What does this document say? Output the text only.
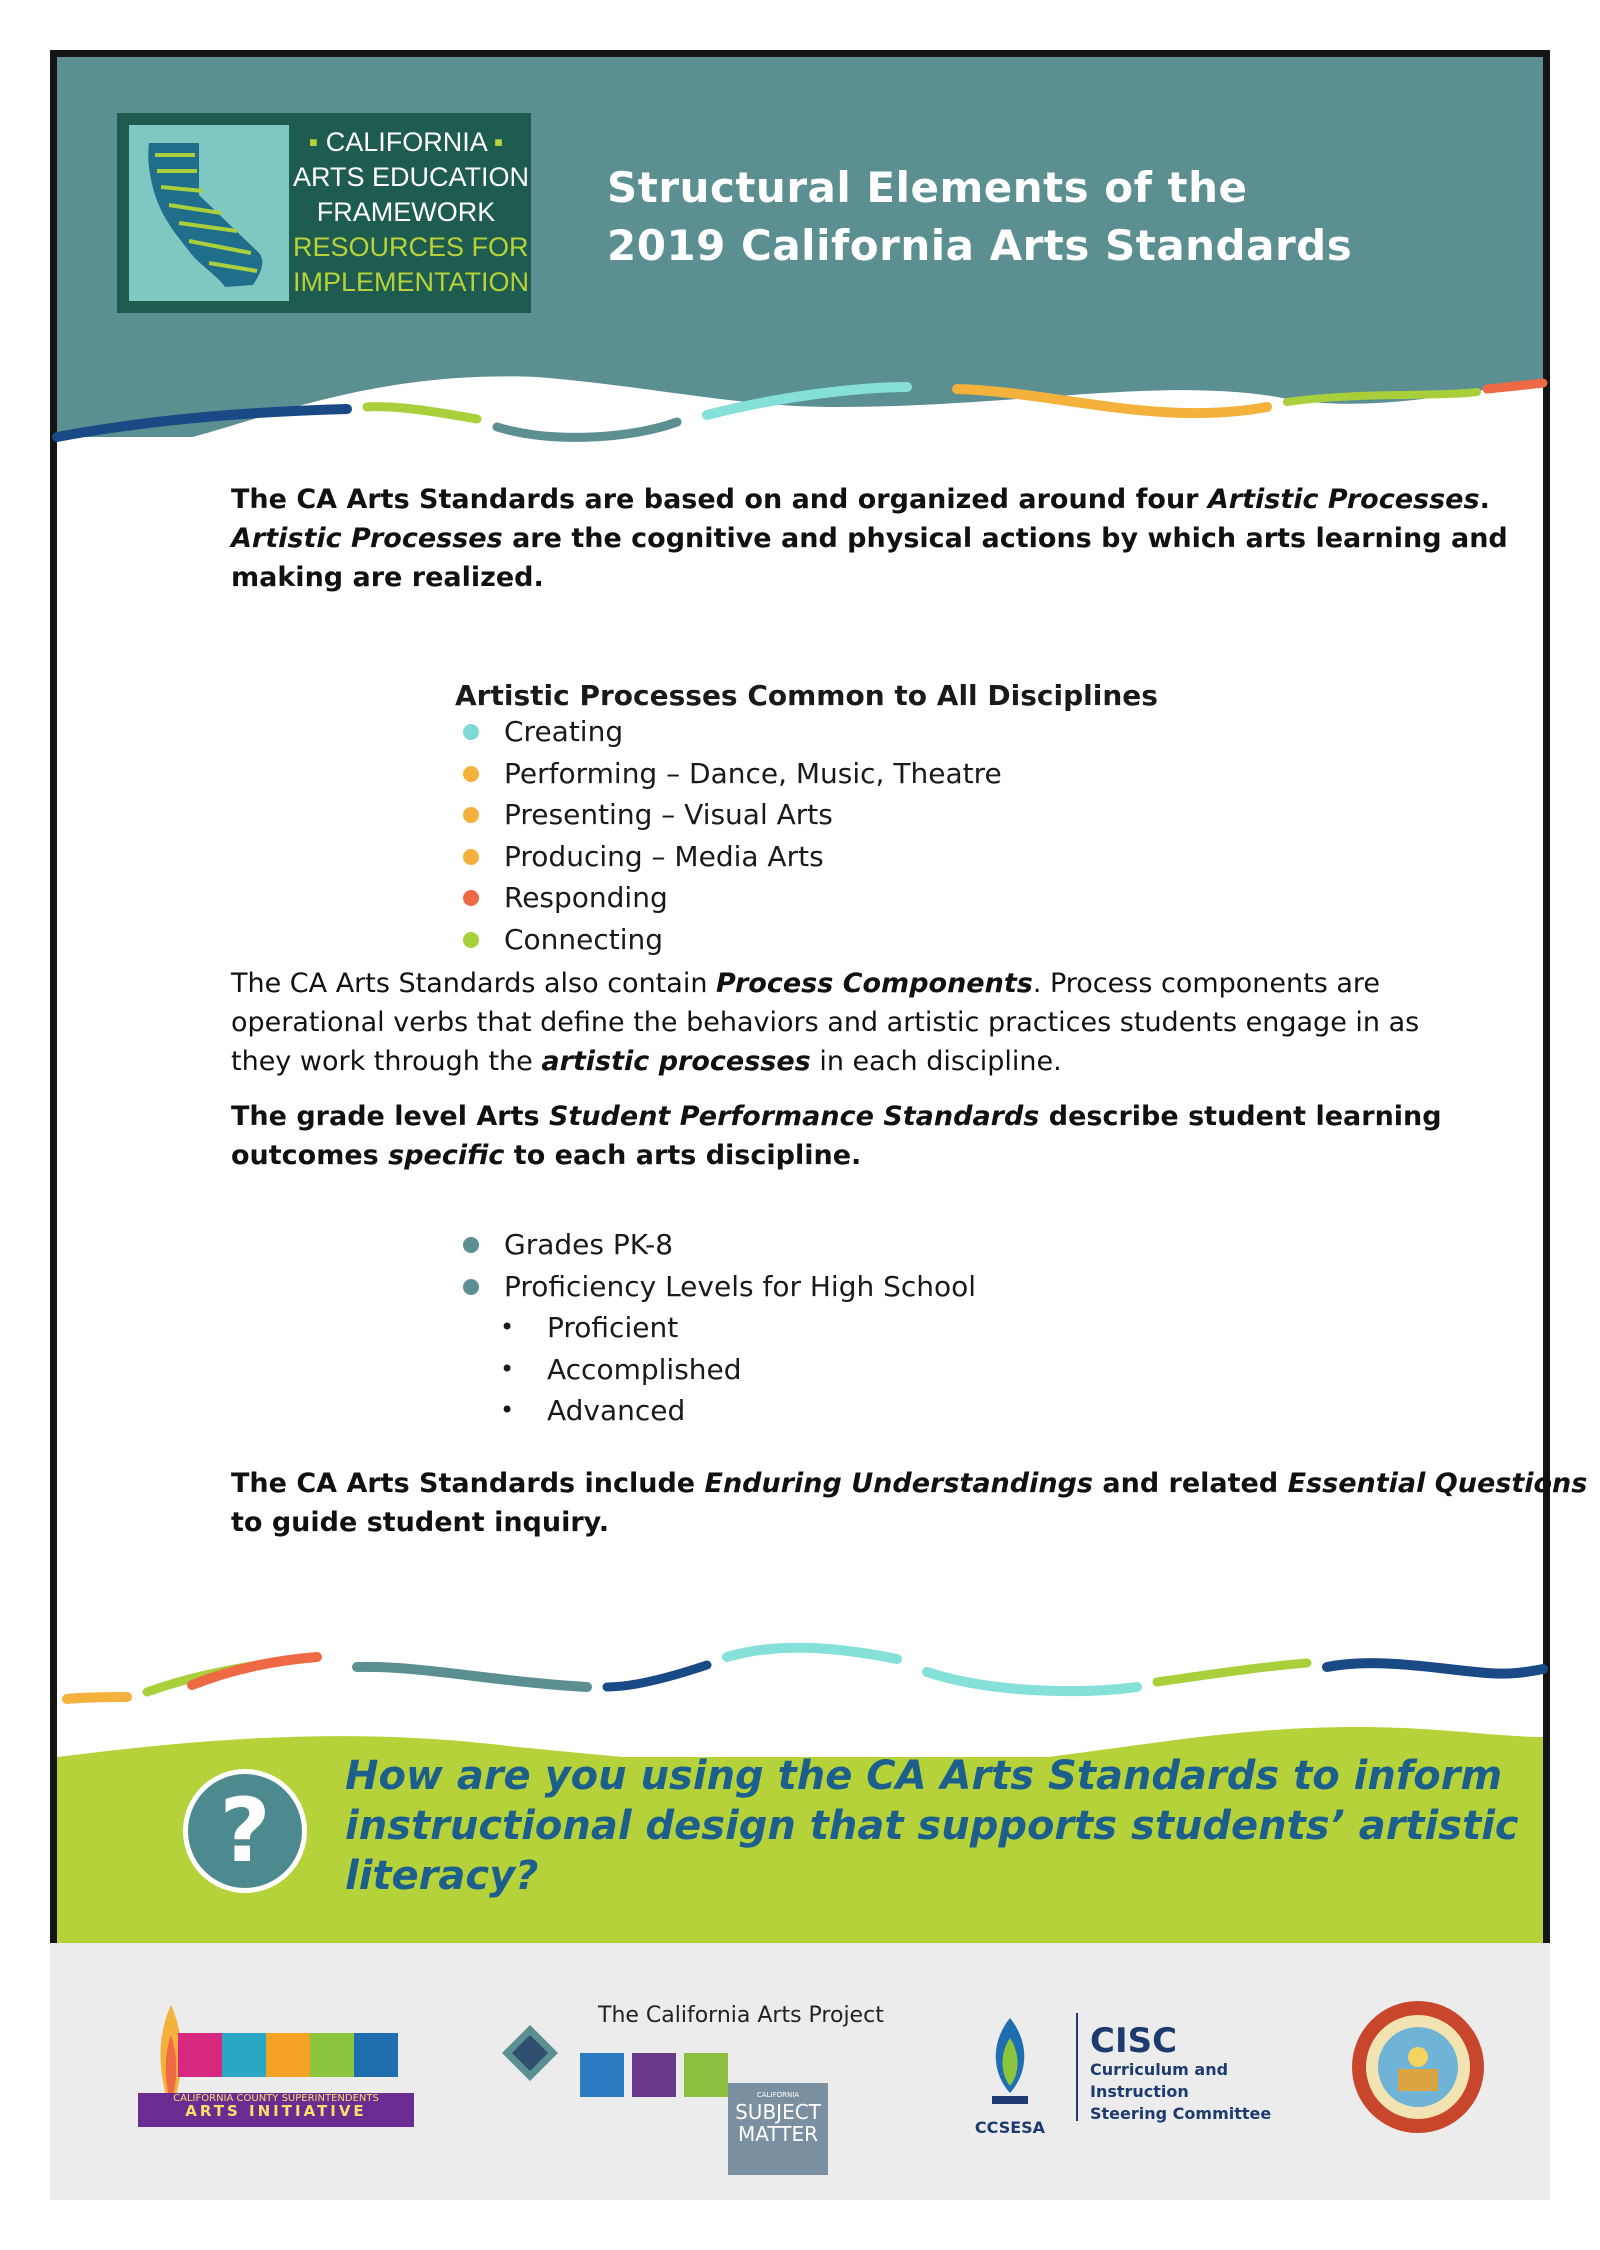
▪ CALIFORNIA ▪
ARTS EDUCATION
FRAMEWORK
RESOURCES FOR
IMPLEMENTATION
Structural Elements of the
2019 California Arts Standards
The CA Arts Standards are based on and organized around four Artistic Processes.
Artistic Processes are the cognitive and physical actions by which arts learning and
making are realized.
Artistic Processes Common to All Disciplines
Creating
Performing – Dance, Music, Theatre
Presenting – Visual Arts
Producing – Media Arts
Responding
Connecting
The CA Arts Standards also contain Process Components. Process components are
operational verbs that define the behaviors and artistic practices students engage in as
they work through the artistic processes in each discipline.
The grade level Arts Student Performance Standards describe student learning
outcomes specific to each arts discipline.
Grades PK-8
Proficiency Levels for High School
• Proficient
• Accomplished
• Advanced
The CA Arts Standards include Enduring Understandings and related Essential Questions
to guide student inquiry.
?
How are you using the CA Arts Standards to inform
instructional design that supports students’ artistic
literacy?
CALIFORNIA COUNTY SUPERINTENDENTS
ARTS INITIATIVE
The California Arts Project
CALIFORNIA
SUBJECT
MATTER	CCSESA
CISC
Curriculum and Instruction
Steering Committee
